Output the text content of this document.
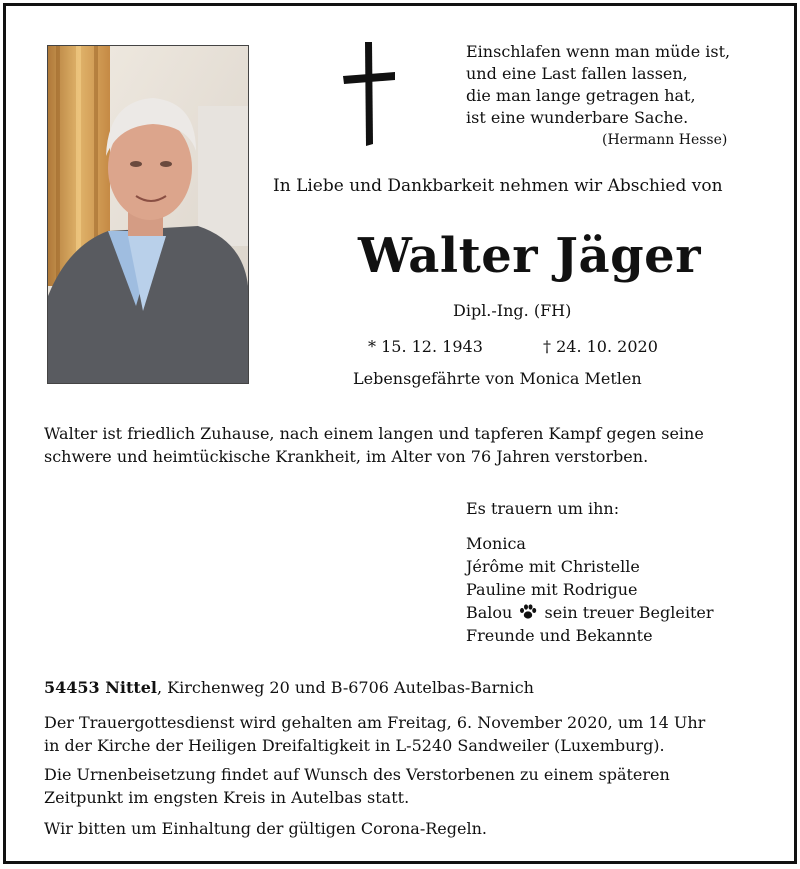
Einschlafen wenn man müde ist,
und eine Last fallen lassen,
die man lange getragen hat,
ist eine wunderbare Sache.
(Hermann Hesse)
In Liebe und Dankbarkeit nehmen wir Abschied von
Walter Jäger
Dipl.-Ing. (FH)
* 15. 12. 1943	† 24. 10. 2020
Lebensgefährte von Monica Metlen
Walter ist friedlich Zuhause, nach einem langen und tapferen Kampf gegen seine
schwere und heimtückische Krankheit, im Alter von 76 Jahren verstorben.
Es trauern um ihn:
Monica
Jérôme mit Christelle
Pauline mit Rodrigue
Balou sein treuer Begleiter
Freunde und Bekannte
54453 Nittel, Kirchenweg 20 und B-6706 Autelbas-Barnich
Der Trauergottesdienst wird gehalten am Freitag, 6. November 2020, um 14 Uhr
in der Kirche der Heiligen Dreifaltigkeit in L-5240 Sandweiler (Luxemburg).
Die Urnenbeisetzung findet auf Wunsch des Verstorbenen zu einem späteren
Zeitpunkt im engsten Kreis in Autelbas statt.
Wir bitten um Einhaltung der gültigen Corona-Regeln.
